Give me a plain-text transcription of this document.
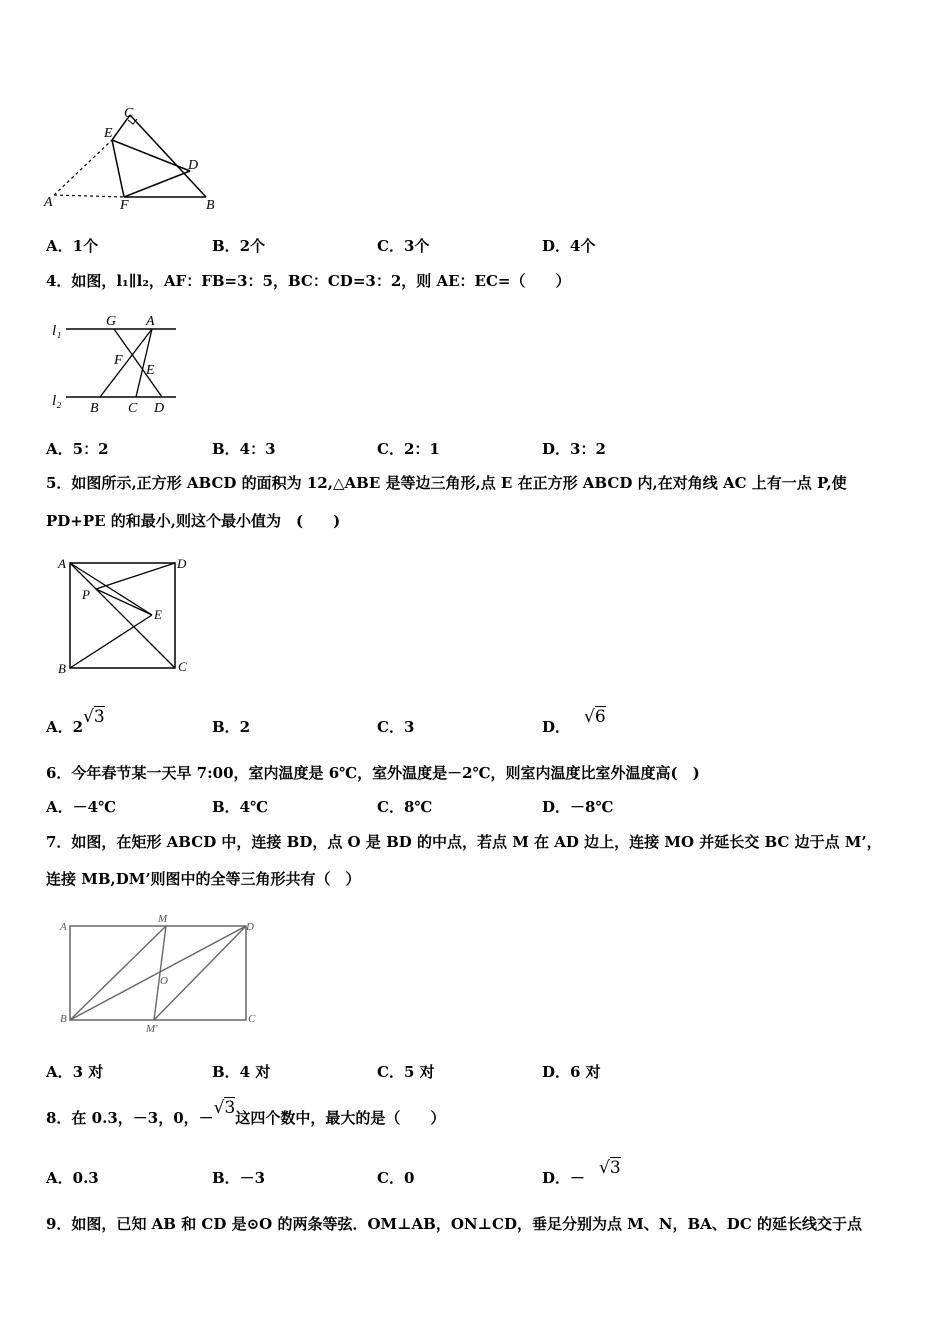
C
E
D
A	F	B
A．1个	B．2个	C．3个	D．4个
4．如图，l₁∥l₂，AF：FB=3：5，BC：CD=3：2，则 AE：EC=（　　）
l₁
l₂
G A
F
E
B C D
A．5：2	B．4：3	C．2：1	D．3：2
5．如图所示,正方形 ABCD 的面积为 12,△ABE 是等边三角形,点 E 在正方形 ABCD 内,在对角线 AC 上有一点 P,使
PD+PE 的和最小,则这个最小值为　(　　)
A	D
P
E
B	C
A．2√3	B．2	C．3	D． √6
6．今年春节某一天早 7:00，室内温度是 6℃，室外温度是－2℃，则室内温度比室外温度高(　)
A．－4℃	B．4℃	C．8℃	D．－8℃
7．如图，在矩形 ABCD 中，连接 BD，点 O 是 BD 的中点，若点 M 在 AD 边上，连接 MO 并延长交 BC 边于点 M’，
连接 MB,DM’则图中的全等三角形共有（　）
A
M
D
O
B
M'
C
A．3 对	B．4 对	C．5 对	D．6 对
8．在 0.3，－3，0，－√3这四个数中，最大的是（　　）
A．0.3	B．－3	C．0	D．－ √3
9．如图，已知 AB 和 CD 是⊙O 的两条等弦．OM⊥AB，ON⊥CD，垂足分别为点 M、N，BA、DC 的延长线交于点
